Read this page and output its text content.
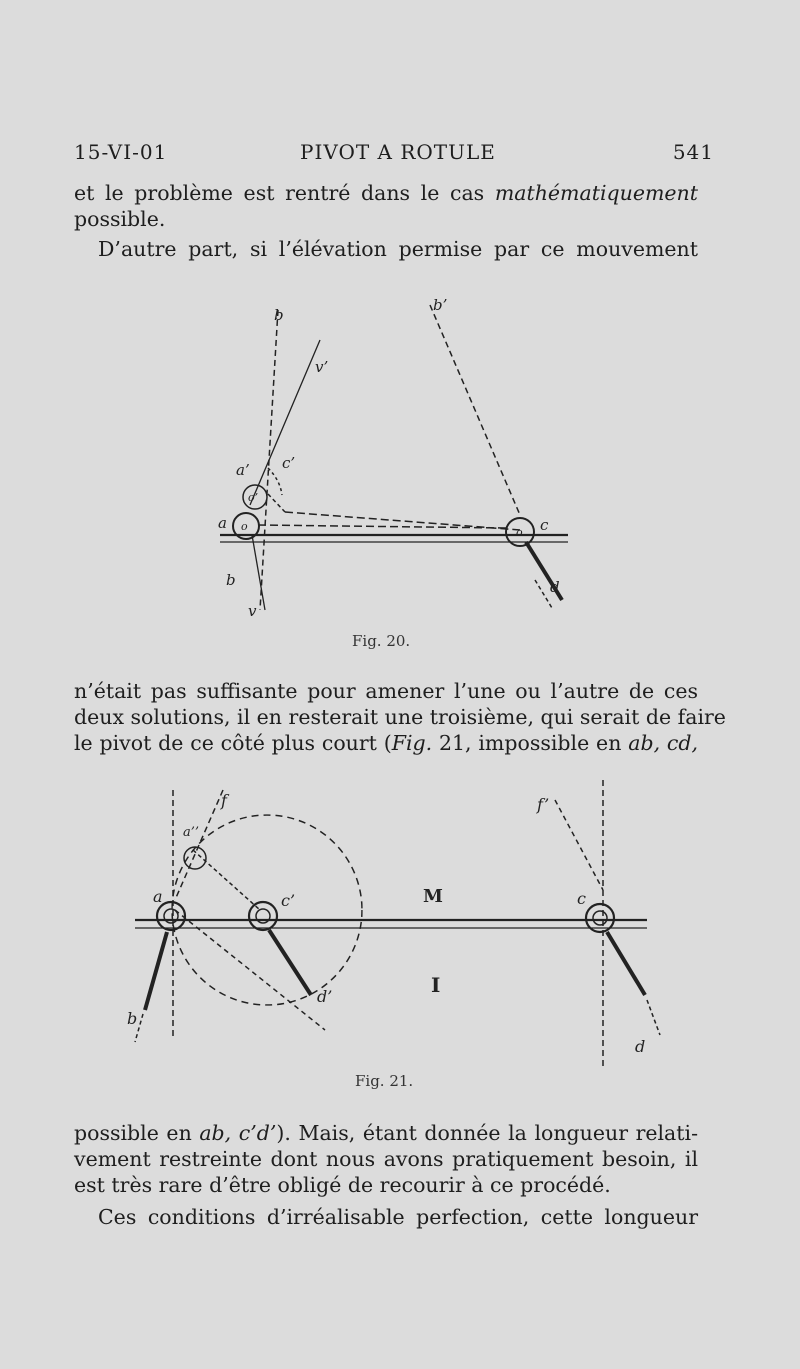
15-VI-01	PIVOT A ROTULE	541
et le problème est rentré dans le cas mathématiquement
possible.
D’autre part, si l’élévation permise par ce mouvement
b
b’
v’
a’ c’
o’
a o	o c
b
v
d
Fig. 20.
n’était pas suffisante pour amener l’une ou l’autre de ces
deux solutions, il en resterait une troisième, qui serait de faire
le pivot de ce côté plus court (Fig. 21, impossible en ab, cd,
f	f’
a’’
a	c’	M	c
I
b
d’
d
Fig. 21.
possible en ab, c’d’). Mais, étant donnée la longueur relati-
vement restreinte dont nous avons pratiquement besoin, il
est très rare d’être obligé de recourir à ce procédé.
Ces conditions d’irréalisable perfection, cette longueur
